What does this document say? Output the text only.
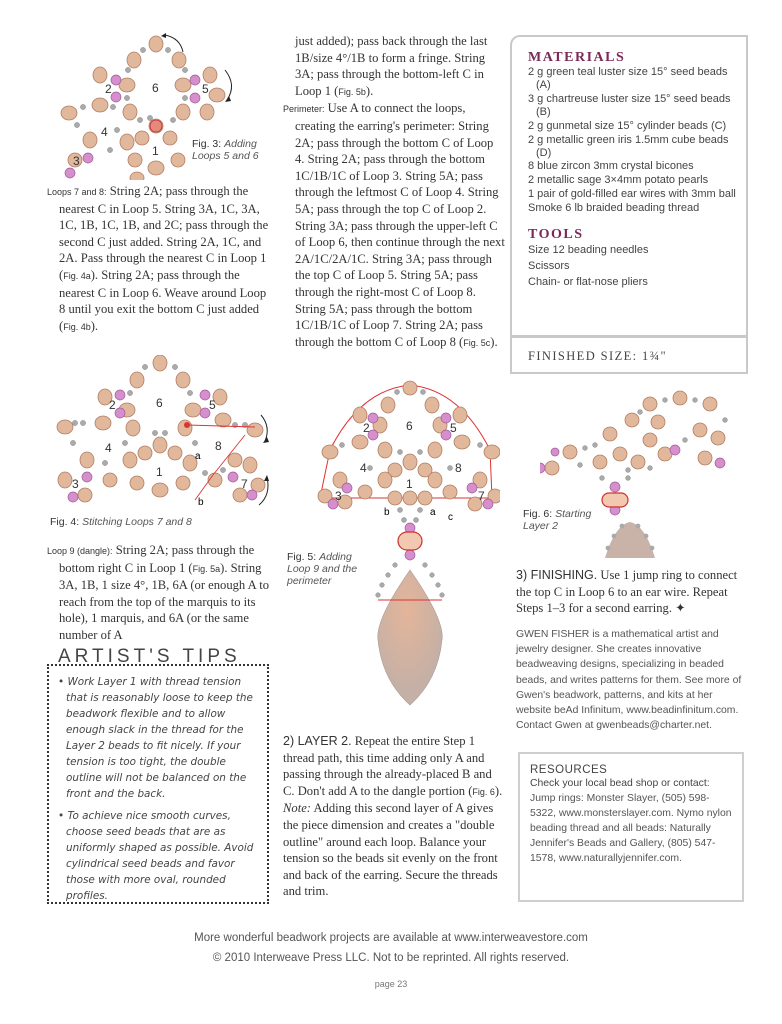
6
2	5
4
1
3
Fig. 3: Adding
Loops 5 and 6

Loops 7 and 8: String 2A; pass through the nearest C in Loop 5. String 3A, 1C, 3A, 1C, 1B, 1C, 1B, and 2C; pass through the second C just added. String 2A, 1C, and 2A. Pass through the nearest C in Loop 1 (Fig. 4a). String 2A; pass through the nearest C in Loop 6. Weave around Loop 8 until you exit the bottom C just added (Fig. 4b).

6
2	5
4	8
1
3	7
a
b
Fig. 4: Stitching Loops 7 and 8

Loop 9 (dangle): String 2A; pass through the bottom right C in Loop 1 (Fig. 5a). String 3A, 1B, 1 size 4°, 1B, 6A (or enough A to reach from the top of the marquis to its hole), 1 marquis, and 6A (or the same number of A

ARTIST'S TIPS
• Work Layer 1 with thread tension that is reasonably loose to keep the beadwork flexible and to allow enough slack in the thread for the Layer 2 beads to fit nicely. If your tension is too tight, the double outline will not be balanced on the front and the back.
• To achieve nice smooth curves, choose seed beads that are as uniformly shaped as possible. Avoid cylindrical seed beads and favor those with more oval, rounded profiles.

just added); pass back through the last 1B/size 4°/1B to form a fringe. String 3A; pass through the bottom-left C in Loop 1 (Fig. 5b).

Perimeter: Use A to connect the loops, creating the earring's perimeter: String 2A; pass through the bottom C of Loop 4. String 2A; pass through the bottom 1C/1B/1C of Loop 3. String 5A; pass through the leftmost C of Loop 4. String 5A; pass through the top C of Loop 2. String 3A; pass through the upper-left C of Loop 6, then continue through the next 2A/1C/2A/1C. String 3A; pass through the top C of Loop 5. String 5A; pass through the right-most C of Loop 8. String 5A; pass through the bottom 1C/1B/1C of Loop 7. String 2A; pass through the bottom C of Loop 8 (Fig. 5c).

6
2	5
4	8
1
3	7
b	a c
Fig. 5: Adding
Loop 9 and the
perimeter
2) LAYER 2. Repeat the entire Step 1 thread path, this time adding only A and passing through the already-placed B and C. Don't add A to the dangle portion (Fig. 6). Note: Adding this second layer of A gives the piece dimension and creates a "double outline" around each loop. Balance your tension so the beads sit evenly on the front and back of the earring. Secure the threads and trim.
MATERIALS
2 g green teal luster size 15° seed beads (A)
3 g chartreuse luster size 15° seed beads (B)
2 g gunmetal size 15° cylinder beads (C)
2 g metallic green iris 1.5mm cube beads (D)
8 blue zircon 3mm crystal bicones
2 metallic sage 3×4mm potato pearls
1 pair of gold-filled ear wires with 3mm ball
Smoke 6 lb braided beading thread
TOOLS
Size 12 beading needles
Scissors
Chain- or flat-nose pliers
FINISHED SIZE: 1¾"
Fig. 6: Starting
Layer 2
3) FINISHING. Use 1 jump ring to connect the top C in Loop 6 to an ear wire. Repeat Steps 1–3 for a second earring. ✦
GWEN FISHER is a mathematical artist and jewelry designer. She creates innovative beadweaving designs, specializing in beaded beads, and writes patterns for them. See more of Gwen's beadwork, patterns, and kits at her website beAd Infinitum, www.beadinfinitum.com. Contact Gwen at gwenbeads@charter.net.
RESOURCES
Check your local bead shop or contact:
Jump rings: Monster Slayer, (505) 598-5322, www.monsterslayer.com. Nymo nylon beading thread and all beads: Naturally Jennifer's Beads and Gallery, (805) 547-1578, www.naturallyjennifer.com.
More wonderful beadwork projects are available at www.interweavestore.com
© 2010 Interweave Press LLC. Not to be reprinted. All rights reserved.
page 23
